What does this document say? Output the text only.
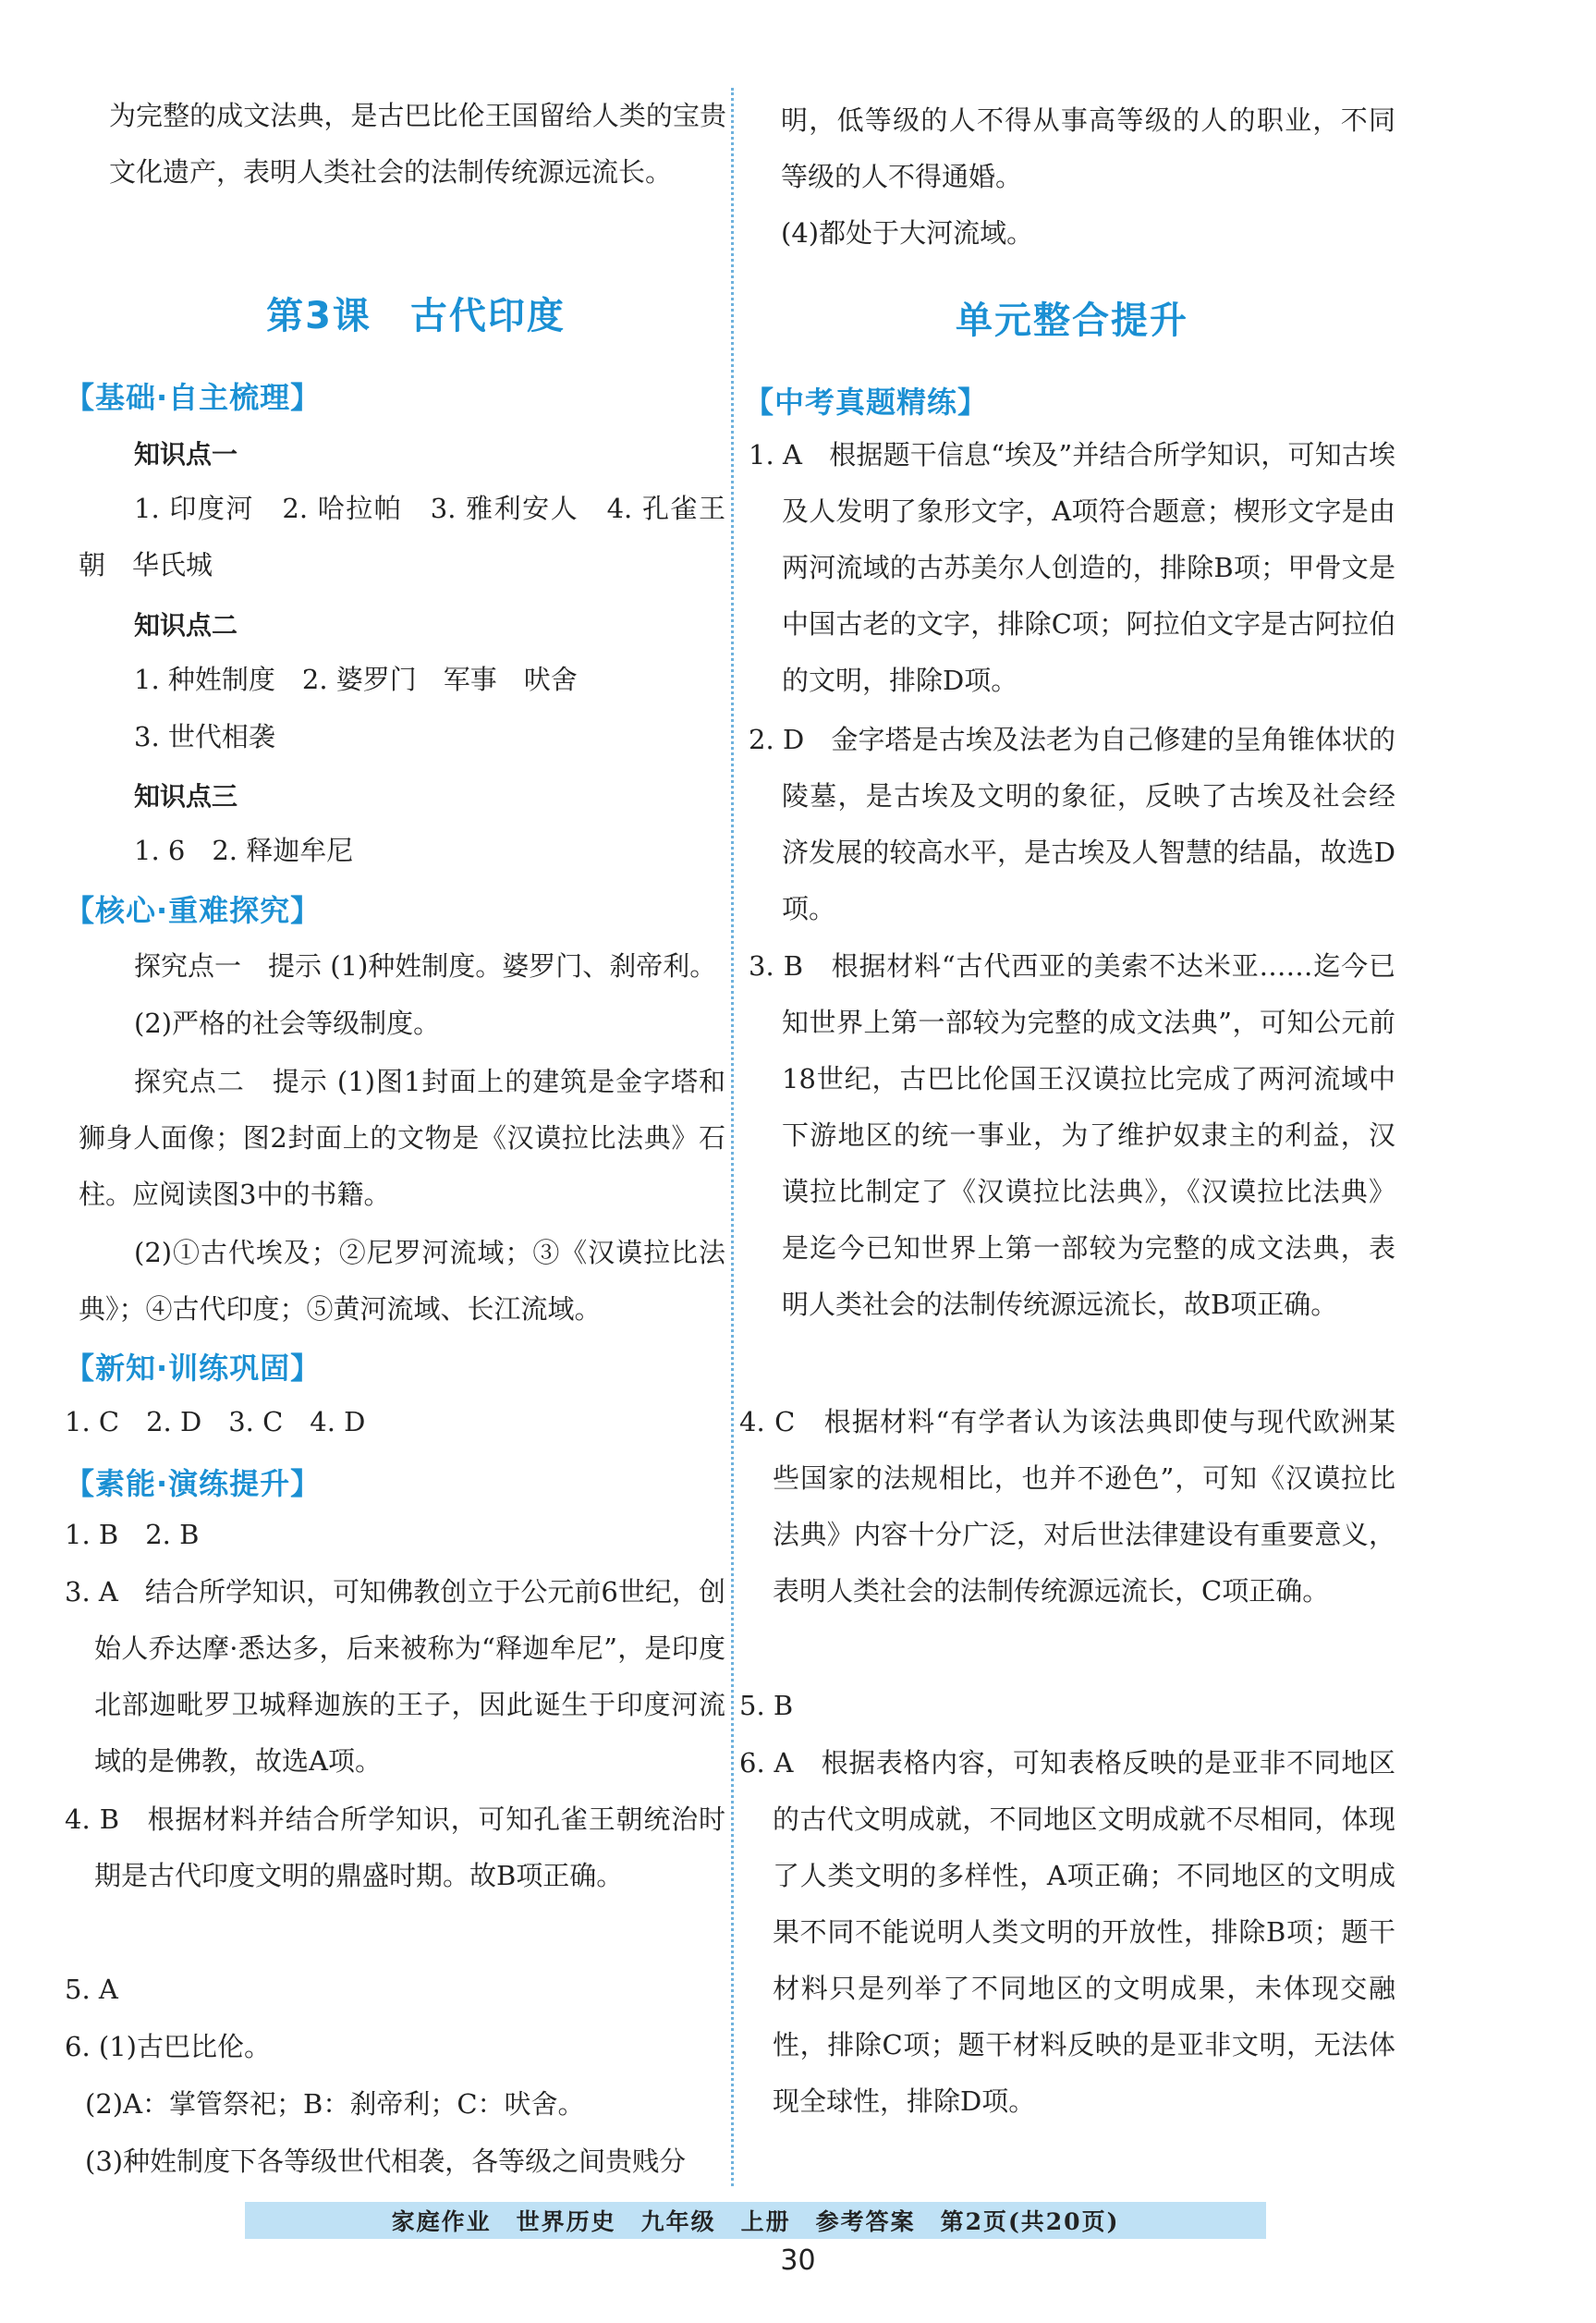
为完整的成文法典，是古巴比伦王国留给人类的宝贵文化遗产，表明人类社会的法制传统源远流长。
第3课　古代印度
【基础·自主梳理】
知识点一
1. 印度河　2. 哈拉帕　3. 雅利安人　4. 孔雀王朝　华氏城
知识点二
1. 种姓制度　2. 婆罗门　军事　吠舍
3. 世代相袭
知识点三
1. 6　2. 释迦牟尼
【核心·重难探究】
探究点一　提示 (1)种姓制度。婆罗门、刹帝利。
(2)严格的社会等级制度。
探究点二　提示 (1)图1封面上的建筑是金字塔和狮身人面像；图2封面上的文物是《汉谟拉比法典》石柱。应阅读图3中的书籍。
(2)①古代埃及；②尼罗河流域；③《汉谟拉比法典》；④古代印度；⑤黄河流域、长江流域。
【新知·训练巩固】
1. C　2. D　3. C　4. D
【素能·演练提升】
1. B　2. B
3. A　结合所学知识，可知佛教创立于公元前6世纪，创始人乔达摩·悉达多，后来被称为“释迦牟尼”，是印度北部迦毗罗卫城释迦族的王子，因此诞生于印度河流域的是佛教，故选A项。
4. B　根据材料并结合所学知识，可知孔雀王朝统治时期是古代印度文明的鼎盛时期。故B项正确。
5. A
6. (1)古巴比伦。
(2)A：掌管祭祀；B：刹帝利；C：吠舍。
(3)种姓制度下各等级世代相袭，各等级之间贵贱分
明，低等级的人不得从事高等级的人的职业，不同等级的人不得通婚。
(4)都处于大河流域。
单元整合提升
【中考真题精练】
1. A　根据题干信息“埃及”并结合所学知识，可知古埃及人发明了象形文字，A项符合题意；楔形文字是由两河流域的古苏美尔人创造的，排除B项；甲骨文是中国古老的文字，排除C项；阿拉伯文字是古阿拉伯的文明，排除D项。
2. D　金字塔是古埃及法老为自己修建的呈角锥体状的陵墓，是古埃及文明的象征，反映了古埃及社会经济发展的较高水平，是古埃及人智慧的结晶，故选D项。
3. B　根据材料“古代西亚的美索不达米亚……迄今已知世界上第一部较为完整的成文法典”，可知公元前18世纪，古巴比伦国王汉谟拉比完成了两河流域中下游地区的统一事业，为了维护奴隶主的利益，汉谟拉比制定了《汉谟拉比法典》，《汉谟拉比法典》是迄今已知世界上第一部较为完整的成文法典，表明人类社会的法制传统源远流长，故B项正确。
4. C　根据材料“有学者认为该法典即使与现代欧洲某些国家的法规相比，也并不逊色”，可知《汉谟拉比法典》内容十分广泛，对后世法律建设有重要意义，表明人类社会的法制传统源远流长，C项正确。
5. B
6. A　根据表格内容，可知表格反映的是亚非不同地区的古代文明成就，不同地区文明成就不尽相同，体现了人类文明的多样性，A项正确；不同地区的文明成果不同不能说明人类文明的开放性，排除B项；题干材料只是列举了不同地区的文明成果，未体现交融性，排除C项；题干材料反映的是亚非文明，无法体现全球性，排除D项。
家庭作业　世界历史　九年级　上册　参考答案　第2页(共20页)
30
